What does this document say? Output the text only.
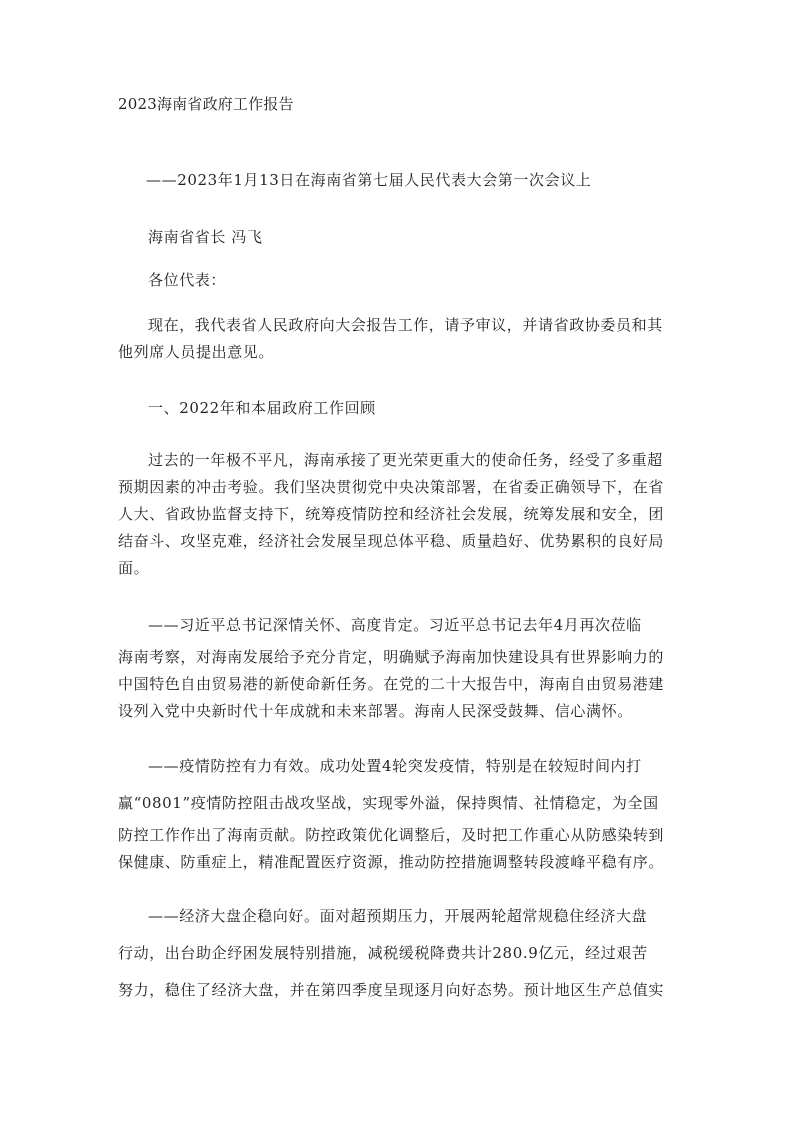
2023海南省政府工作报告
——2023年1月13日在海南省第七届人民代表大会第一次会议上
海南省省长 冯飞
各位代表：
现在，我代表省人民政府向大会报告工作，请予审议，并请省政协委员和其
他列席人员提出意见。
一、2022年和本届政府工作回顾
过去的一年极不平凡，海南承接了更光荣更重大的使命任务，经受了多重超
预期因素的冲击考验。我们坚决贯彻党中央决策部署，在省委正确领导下，在省
人大、省政协监督支持下，统筹疫情防控和经济社会发展，统筹发展和安全，团
结奋斗、攻坚克难，经济社会发展呈现总体平稳、质量趋好、优势累积的良好局
面。
——习近平总书记深情关怀、高度肯定。习近平总书记去年4月再次莅临
海南考察，对海南发展给予充分肯定，明确赋予海南加快建设具有世界影响力的
中国特色自由贸易港的新使命新任务。在党的二十大报告中，海南自由贸易港建
设列入党中央新时代十年成就和未来部署。海南人民深受鼓舞、信心满怀。
——疫情防控有力有效。成功处置4轮突发疫情，特别是在较短时间内打
赢“0801”疫情防控阻击战攻坚战，实现零外溢，保持舆情、社情稳定，为全国
防控工作作出了海南贡献。防控政策优化调整后，及时把工作重心从防感染转到
保健康、防重症上，精准配置医疗资源，推动防控措施调整转段渡峰平稳有序。
——经济大盘企稳向好。面对超预期压力，开展两轮超常规稳住经济大盘
行动，出台助企纾困发展特别措施，减税缓税降费共计280.9亿元，经过艰苦
努力，稳住了经济大盘，并在第四季度呈现逐月向好态势。预计地区生产总值实
